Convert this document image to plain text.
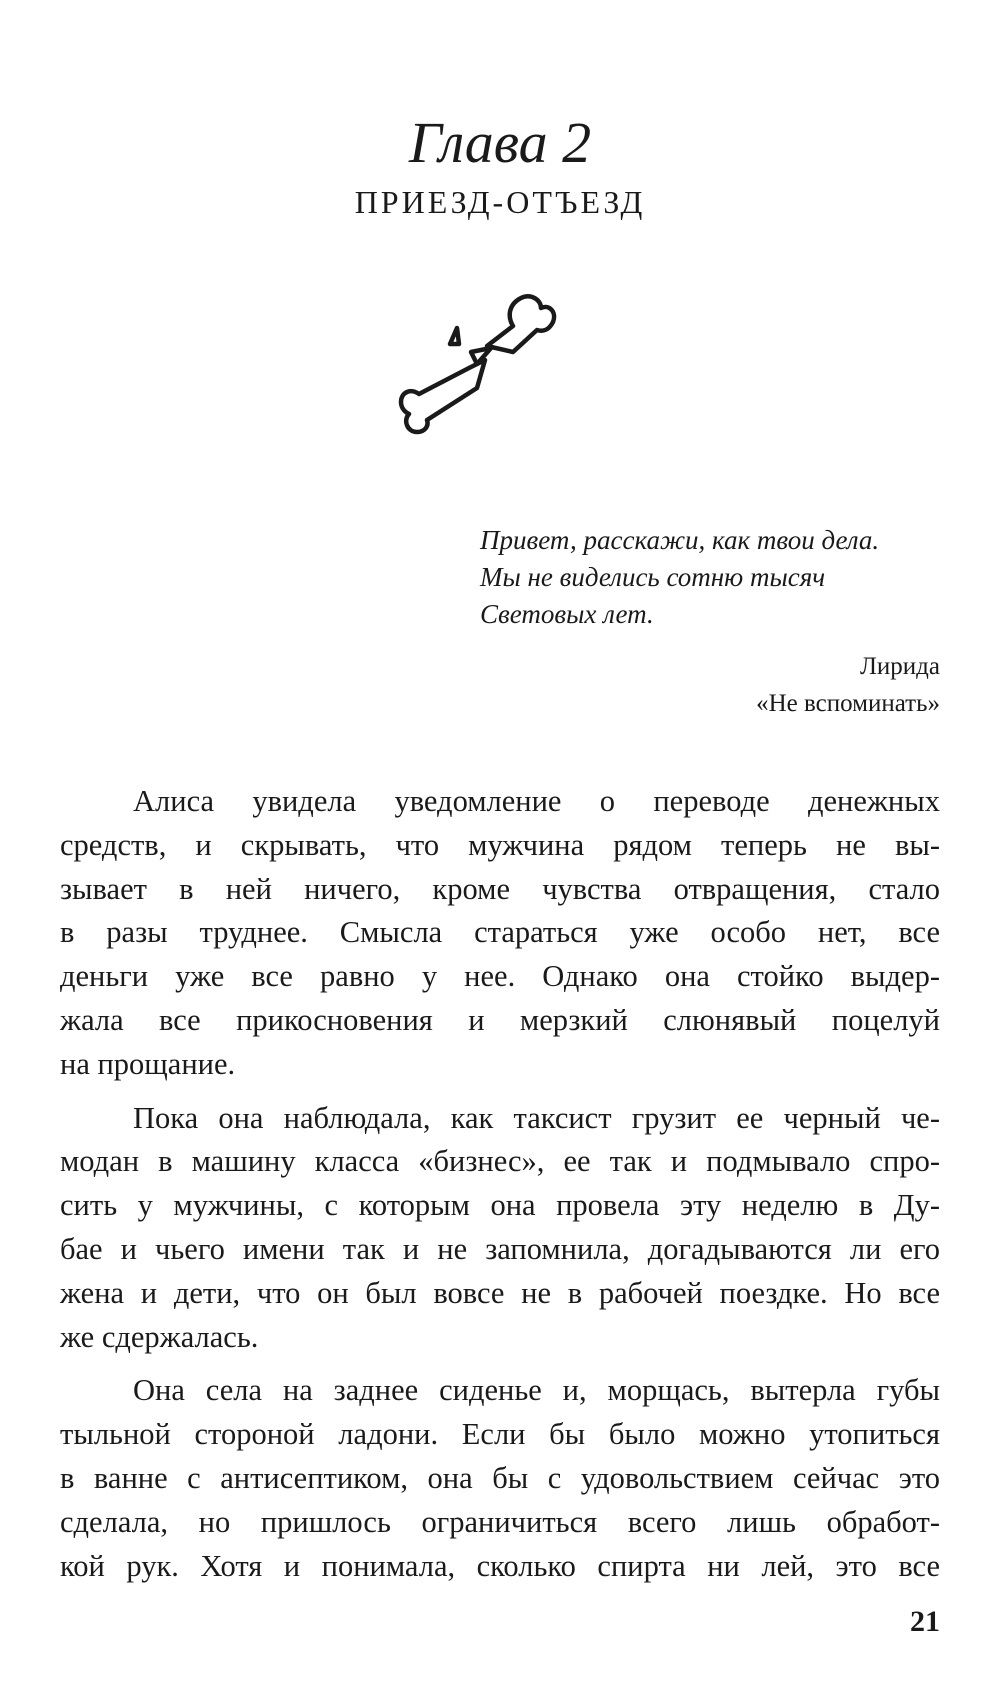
Глава 2
ПРИЕЗД-ОТЪЕЗД
Привет, расскажи, как твои дела.
Мы не виделись сотню тысяч
Световых лет.
Лирида
«Не вспоминать»
Алиса увидела уведомление о переводе денежных
средств, и скрывать, что мужчина рядом теперь не вы-
зывает в ней ничего, кроме чувства отвращения, стало
в разы труднее. Смысла стараться уже особо нет, все
деньги уже все равно у нее. Однако она стойко выдер-
жала все прикосновения и мерзкий слюнявый поцелуй
на прощание.
Пока она наблюдала, как таксист грузит ее черный че-
модан в машину класса «бизнес», ее так и подмывало спро-
сить у мужчины, с которым она провела эту неделю в Ду-
бае и чьего имени так и не запомнила, догадываются ли его
жена и дети, что он был вовсе не в рабочей поездке. Но все
же сдержалась.
Она села на заднее сиденье и, морщась, вытерла губы
тыльной стороной ладони. Если бы было можно утопиться
в ванне с антисептиком, она бы с удовольствием сейчас это
сделала, но пришлось ограничиться всего лишь обработ-
кой рук. Хотя и понимала, сколько спирта ни лей, это все
21
